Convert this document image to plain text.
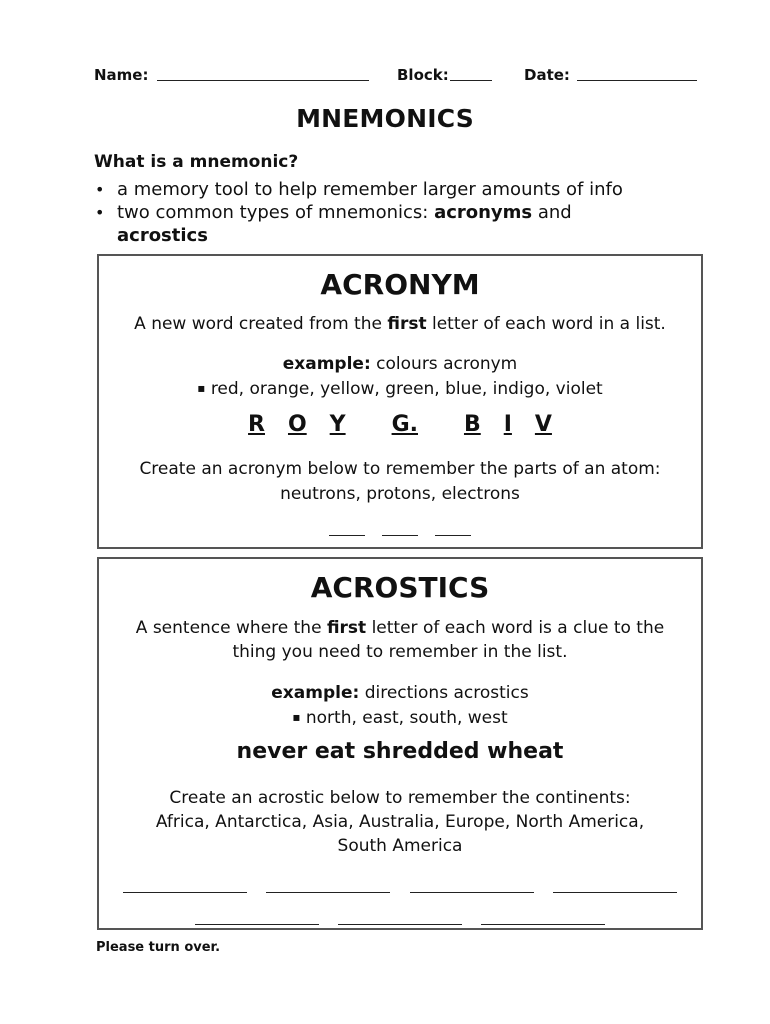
Name:	Block:	Date:
MNEMONICS
What is a mnemonic?
• a memory tool to help remember larger amounts of info
• two common types of mnemonics: acronyms and
acrostics
ACRONYM
A new word created from the first letter of each word in a list.
example: colours acronym
▪ red, orange, yellow, green, blue, indigo, violet
R O Y G. B I V
Create an acronym below to remember the parts of an atom:
neutrons, protons, electrons

ACROSTICS
A sentence where the first letter of each word is a clue to the
thing you need to remember in the list.
example: directions acrostics
▪ north, east, south, west
never eat shredded wheat
Create an acrostic below to remember the continents:
Africa, Antarctica, Asia, Australia, Europe, North America,
South America

Please turn over.
